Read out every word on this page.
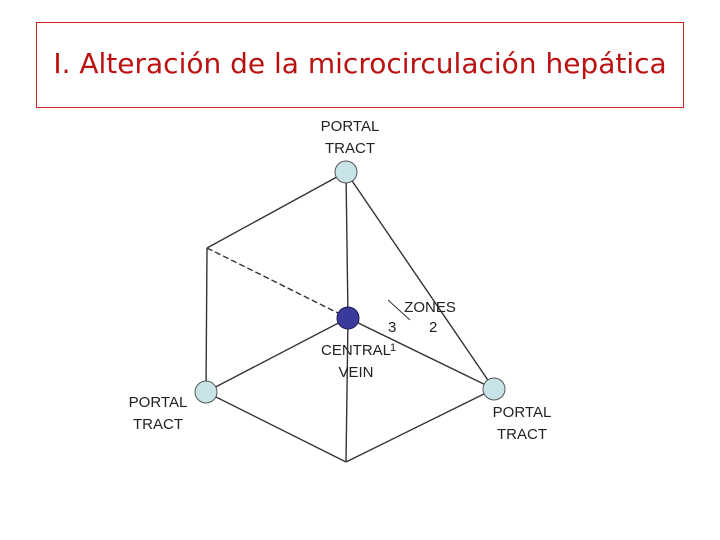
I. Alteración de la microcirculación hepática
PORTAL
TRACT
PORTAL
TRACT
PORTAL
TRACT
CENTRAL
VEIN
ZONES
3 2
1
